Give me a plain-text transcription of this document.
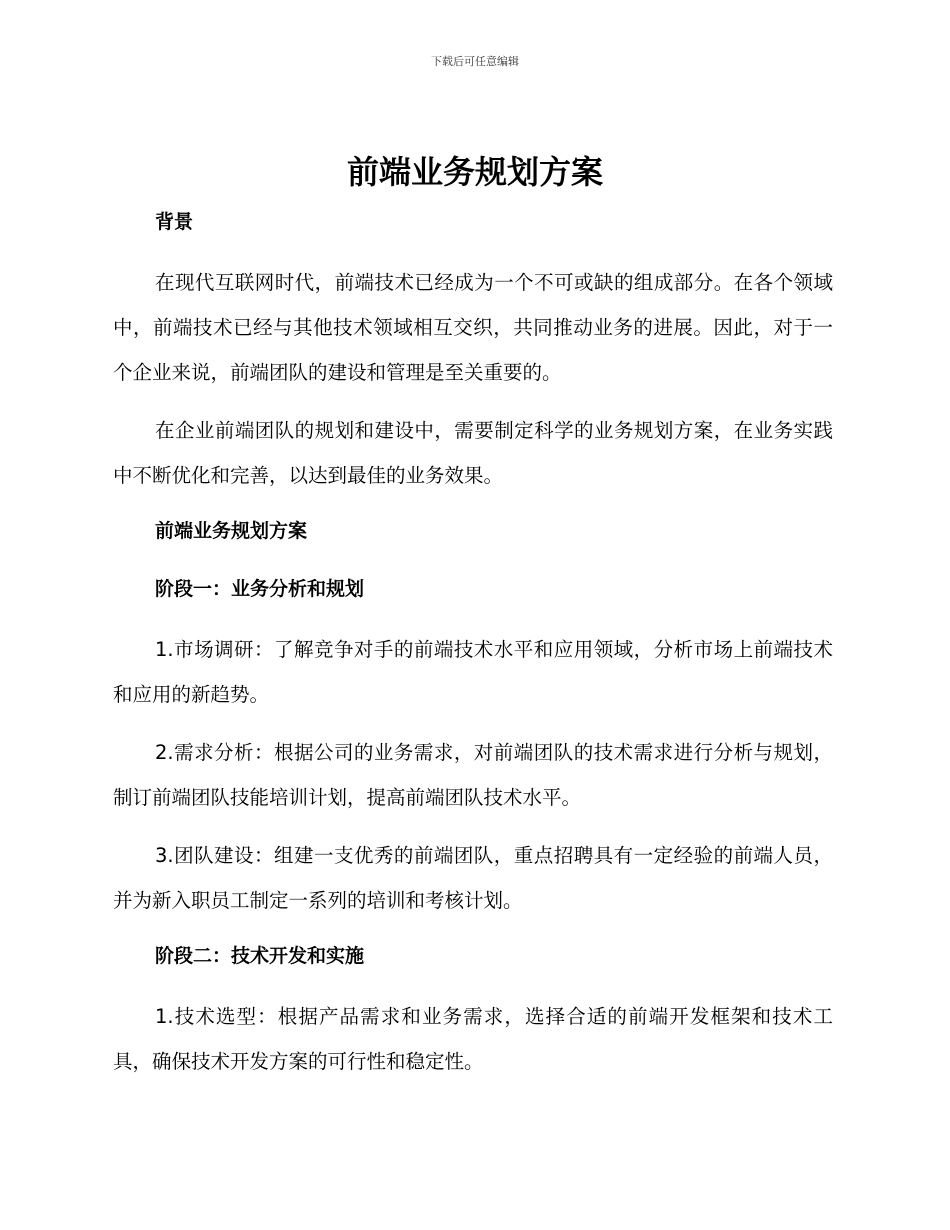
下载后可任意编辑
前端业务规划方案
背景
在现代互联网时代，前端技术已经成为一个不可或缺的组成部分。在各个领域中，前端技术已经与其他技术领域相互交织，共同推动业务的进展。因此，对于一个企业来说，前端团队的建设和管理是至关重要的。
在企业前端团队的规划和建设中，需要制定科学的业务规划方案，在业务实践中不断优化和完善，以达到最佳的业务效果。
前端业务规划方案
阶段一：业务分析和规划
1.市场调研：了解竞争对手的前端技术水平和应用领域，分析市场上前端技术和应用的新趋势。
2.需求分析：根据公司的业务需求，对前端团队的技术需求进行分析与规划，制订前端团队技能培训计划，提高前端团队技术水平。
3.团队建设：组建一支优秀的前端团队，重点招聘具有一定经验的前端人员，并为新入职员工制定一系列的培训和考核计划。
阶段二：技术开发和实施
1.技术选型：根据产品需求和业务需求，选择合适的前端开发框架和技术工具，确保技术开发方案的可行性和稳定性。
